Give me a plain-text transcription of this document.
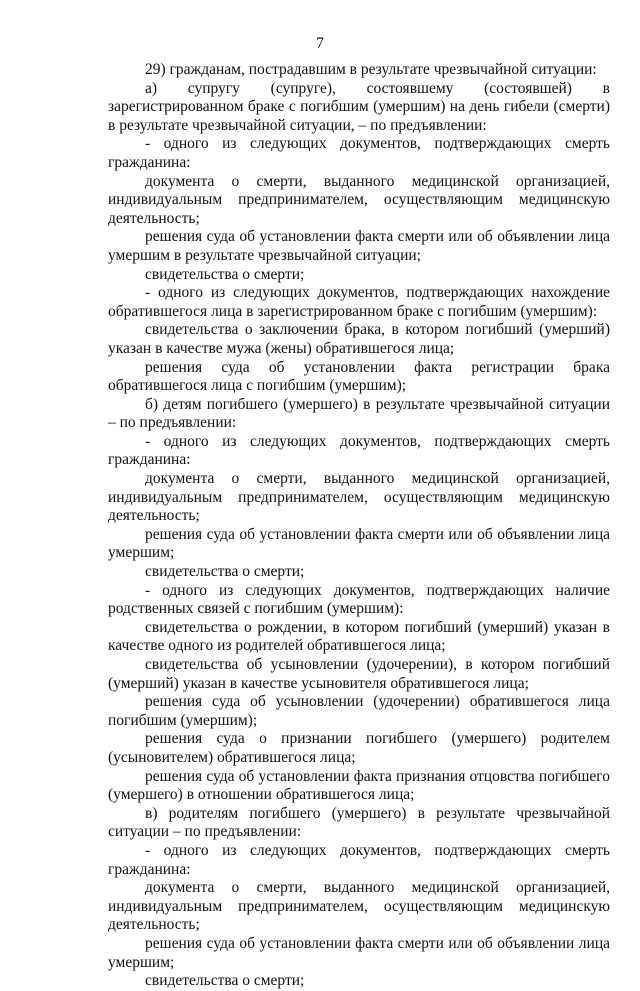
7

29) гражданам, пострадавшим в результате чрезвычайной ситуации:

а) супругу (супруге), состоявшему (состоявшей) в зарегистрированном браке с погибшим (умершим) на день гибели (смерти) в результате чрезвычайной ситуации, – по предъявлении:

- одного из следующих документов, подтверждающих смерть гражданина:

документа о смерти, выданного медицинской организацией, индивидуальным предпринимателем, осуществляющим медицинскую деятельность;

решения суда об установлении факта смерти или об объявлении лица умершим в результате чрезвычайной ситуации;

свидетельства о смерти;

- одного из следующих документов, подтверждающих нахождение обратившегося лица в зарегистрированном браке с погибшим (умершим):

свидетельства о заключении брака, в котором погибший (умерший) указан в качестве мужа (жены) обратившегося лица;

решения суда об установлении факта регистрации брака обратившегося лица с погибшим (умершим);

б) детям погибшего (умершего) в результате чрезвычайной ситуации – по предъявлении:

- одного из следующих документов, подтверждающих смерть гражданина:

документа о смерти, выданного медицинской организацией, индивидуальным предпринимателем, осуществляющим медицинскую деятельность;

решения суда об установлении факта смерти или об объявлении лица умершим;

свидетельства о смерти;

- одного из следующих документов, подтверждающих наличие родственных связей с погибшим (умершим):

свидетельства о рождении, в котором погибший (умерший) указан в качестве одного из родителей обратившегося лица;

свидетельства об усыновлении (удочерении), в котором погибший (умерший) указан в качестве усыновителя обратившегося лица;

решения суда об усыновлении (удочерении) обратившегося лица погибшим (умершим);

решения суда о признании погибшего (умершего) родителем (усыновителем) обратившегося лица;

решения суда об установлении факта признания отцовства погибшего (умершего) в отношении обратившегося лица;

в) родителям погибшего (умершего) в результате чрезвычайной ситуации – по предъявлении:

- одного из следующих документов, подтверждающих смерть гражданина:

документа о смерти, выданного медицинской организацией, индивидуальным предпринимателем, осуществляющим медицинскую деятельность;

решения суда об установлении факта смерти или об объявлении лица умершим;

свидетельства о смерти;
